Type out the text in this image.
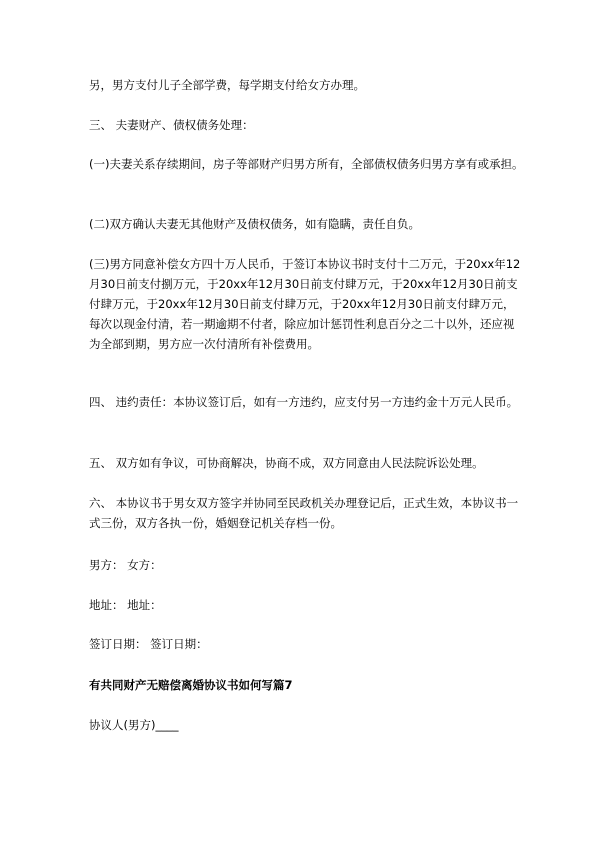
另，男方支付儿子全部学费，每学期支付给女方办理。

三、 夫妻财产、债权债务处理：

(一)夫妻关系存续期间，房子等部财产归男方所有，全部债权债务归男方享有或承担。

(二)双方确认夫妻无其他财产及债权债务，如有隐瞒，责任自负。

(三)男方同意补偿女方四十万人民币，于签订本协议书时支付十二万元，于20xx年12月30日前支付捌万元，于20xx年12月30日前支付肆万元，于20xx年12月30日前支付肆万元，于20xx年12月30日前支付肆万元，于20xx年12月30日前支付肆万元，每次以现金付清，若一期逾期不付者，除应加计惩罚性利息百分之二十以外，还应视为全部到期，男方应一次付清所有补偿费用。

四、 违约责任：本协议签订后，如有一方违约，应支付另一方违约金十万元人民币。

五、 双方如有争议，可协商解决，协商不成，双方同意由人民法院诉讼处理。

六、 本协议书于男女双方签字并协同至民政机关办理登记后，正式生效，本协议书一式三份，双方各执一份，婚姻登记机关存档一份。

男方： 女方：

地址： 地址：

签订日期： 签订日期：

有共同财产无赔偿离婚协议书如何写篇7

协议人(男方)____
